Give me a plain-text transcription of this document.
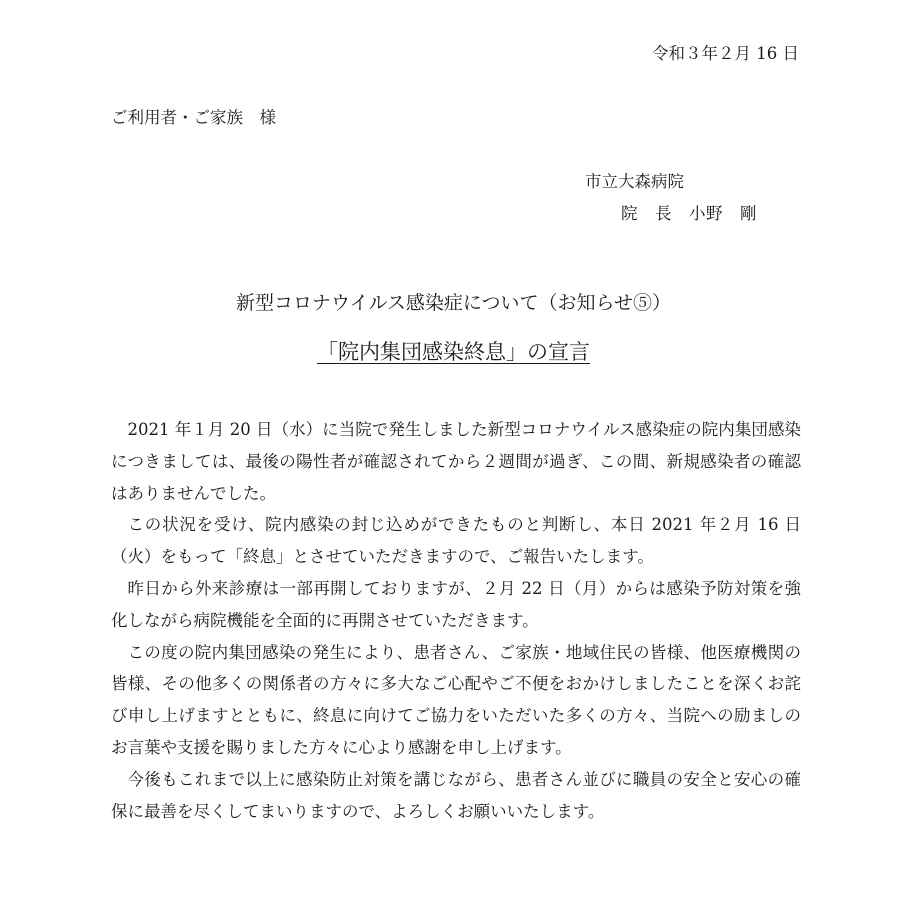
令和３年２月 16 日
ご利用者・ご家族　様
市立大森病院
院　長　小野　剛
新型コロナウイルス感染症について（お知らせ⑤）
「院内集団感染終息」の宣言

2021 年１月 20 日（水）に当院で発生しました新型コロナウイルス感染症の院内集団感染につきましては、最後の陽性者が確認されてから２週間が過ぎ、この間、新規感染者の確認はありませんでした。

この状況を受け、院内感染の封じ込めができたものと判断し、本日 2021 年２月 16 日（火）をもって「終息」とさせていただきますので、ご報告いたします。

昨日から外来診療は一部再開しておりますが、２月 22 日（月）からは感染予防対策を強化しながら病院機能を全面的に再開させていただきます。

この度の院内集団感染の発生により、患者さん、ご家族・地域住民の皆様、他医療機関の皆様、その他多くの関係者の方々に多大なご心配やご不便をおかけしましたことを深くお詫び申し上げますとともに、終息に向けてご協力をいただいた多くの方々、当院への励ましのお言葉や支援を賜りました方々に心より感謝を申し上げます。

今後もこれまで以上に感染防止対策を講じながら、患者さん並びに職員の安全と安心の確保に最善を尽くしてまいりますので、よろしくお願いいたします。
